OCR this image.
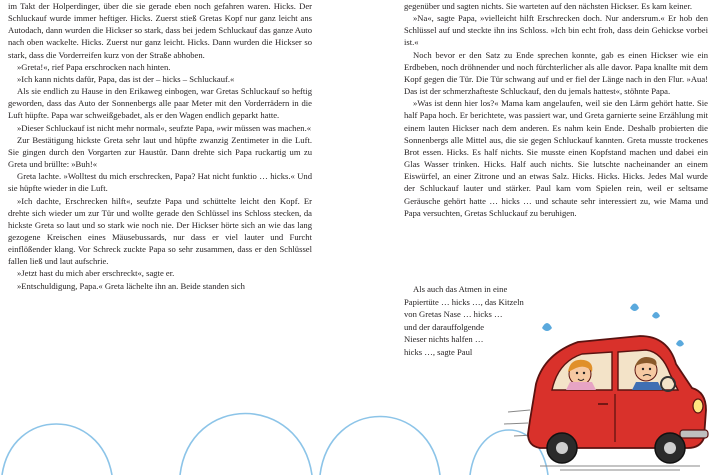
im Takt der Holperdinger, über die sie gerade eben noch gefahren waren. Hicks. Der Schluckauf wurde immer heftiger. Hicks. Zuerst stieß Gretas Kopf nur ganz leicht ans Autodach, dann wurden die Hickser so stark, dass bei jedem Schluckauf das ganze Auto nach oben wackelte. Hicks. Zuerst nur ganz leicht. Hicks. Dann wurden die Hickser so stark, dass die Vorderreifen kurz von der Straße abhoben.

»Greta!«, rief Papa erschrocken nach hinten.

»Ich kann nichts dafür, Papa, das ist der – hicks – Schluckauf.«

Als sie endlich zu Hause in den Erikaweg einbogen, war Gretas Schluckauf so heftig geworden, dass das Auto der Sonnenbergs alle paar Meter mit den Vorderrädern in die Luft hüpfte. Papa war schweißgebadet, als er den Wagen endlich geparkt hatte.

»Dieser Schluckauf ist nicht mehr normal«, seufzte Papa, »wir müssen was machen.«

Zur Bestätigung hickste Greta sehr laut und hüpfte zwanzig Zentimeter in die Luft. Sie gingen durch den Vorgarten zur Haustür. Dann drehte sich Papa ruckartig um zu Greta und brüllte: »Buh!«

Greta lachte. »Wolltest du mich erschrecken, Papa? Hat nicht funktio … hicks.« Und sie hüpfte wieder in die Luft.

»Ich dachte, Erschrecken hilft«, seufzte Papa und schüttelte leicht den Kopf. Er drehte sich wieder um zur Tür und wollte gerade den Schlüssel ins Schloss stecken, da hickste Greta so laut und so stark wie noch nie. Der Hickser hörte sich an wie das lang gezogene Kreischen eines Mäusebussards, nur dass er viel lauter und Furcht einflößender klang. Vor Schreck zuckte Papa so sehr zusammen, dass er den Schlüssel fallen ließ und laut aufschrie.

»Jetzt hast du mich aber erschreckt«, sagte er.

»Entschuldigung, Papa.« Greta lächelte ihn an. Beide standen sich

gegenüber und sagten nichts. Sie warteten auf den nächsten Hickser. Es kam keiner.

»Na«, sagte Papa, »vielleicht hilft Erschrecken doch. Nur andersrum.« Er hob den Schlüssel auf und steckte ihn ins Schloss. »Ich bin echt froh, dass dein Gehickse vorbei ist.«

Noch bevor er den Satz zu Ende sprechen konnte, gab es einen Hickser wie ein Erdbeben, noch dröhnender und noch fürchterlicher als alle davor. Papa knallte mit dem Kopf gegen die Tür. Die Tür schwang auf und er fiel der Länge nach in den Flur. »Aua! Das ist der schmerzhafteste Schluckauf, den du jemals hattest«, stöhnte Papa.

»Was ist denn hier los?« Mama kam angelaufen, weil sie den Lärm gehört hatte. Sie half Papa hoch. Er berichtete, was passiert war, und Greta garnierte seine Erzählung mit einem lauten Hickser nach dem anderen. Es nahm kein Ende. Deshalb probierten die Sonnenbergs alle Mittel aus, die sie gegen Schluckauf kannten. Greta musste trockenes Brot essen. Hicks. Es half nichts. Sie musste einen Kopfstand machen und dabei ein Glas Wasser trinken. Hicks. Half auch nichts. Sie lutschte nacheinander an einem Eiswürfel, an einer Zitrone und an etwas Salz. Hicks. Hicks. Hicks. Jedes Mal wurde der Schluckauf lauter und stärker. Paul kam vom Spielen rein, weil er seltsame Geräusche gehört hatte … hicks … und schaute sehr interessiert zu, wie Mama und Papa versuchten, Gretas Schluckauf zu beruhigen.

Als auch das Atmen in eine

Papiertüte … hicks …, das Kitzeln

von Gretas Nase … hicks …

und der darauffolgende

Nieser nichts halfen …

hicks …, sagte Paul
